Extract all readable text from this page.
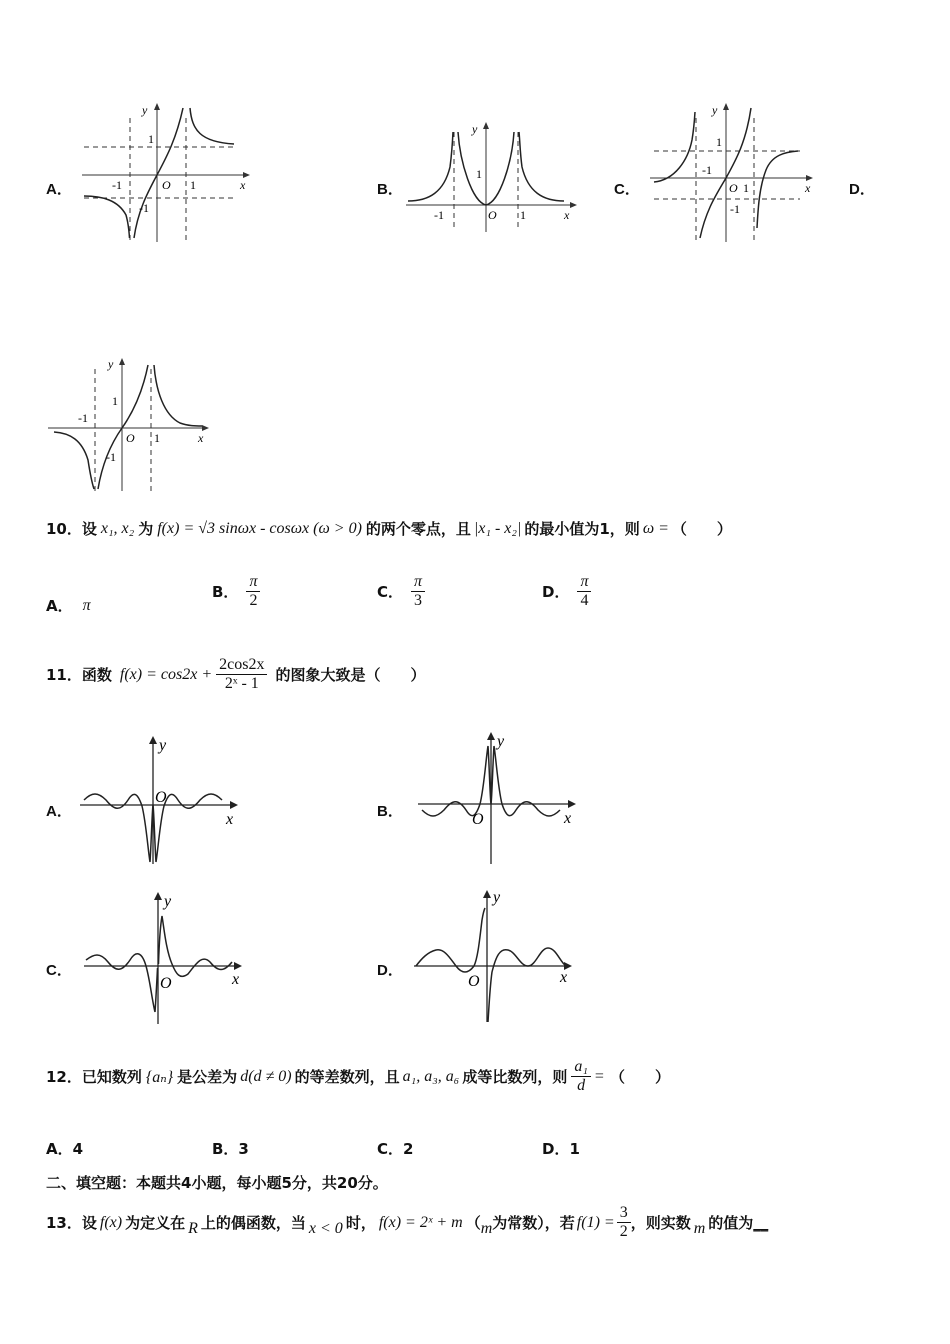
A．
y
x
O
1
1
-1
-1
B．
y
x
O
1
1
-1
C．
y
x
O
1
1
-1
-1
D．
y
x
O
1
1
-1
-1
10． 设 x₁, x₂ 为 f(x) = √3 sinωx - cosωx (ω > 0) 的两个零点，且 |x₁ - x₂| 的最小值为1，则 ω = （　　）
A． π
B． $\frac{\pi}{2}$	C． $\frac{\pi}{3}$	D． $\frac{\pi}{4}$
11． 函数 $f(x) = \cos 2x + \frac{2\cos 2x}{\text{2ˣ - 1}}$ 的图象大致是（　　）
A．
y
x
O
B．
y
x
O
C．
y
x
O
D．
y
x
O
12． 已知数列 {aₙ} 是公差为 d(d ≠ 0) 的等差数列，且 a₁, a₃, a₆ 成等比数列，则 $\frac{\text{a₁}}{d}$ = （　　）
A．4	B．3	C．2	D．1
二、填空题：本题共4小题，每小题5分，共20分。
13． 设 f(x) 为定义在 R 上的偶函数，当 x < 0 时， f(x) = 2ˣ + m （ m 为常数），若 $f(1) = \frac{3}{2}$ ，则实数 m 的值为 __
